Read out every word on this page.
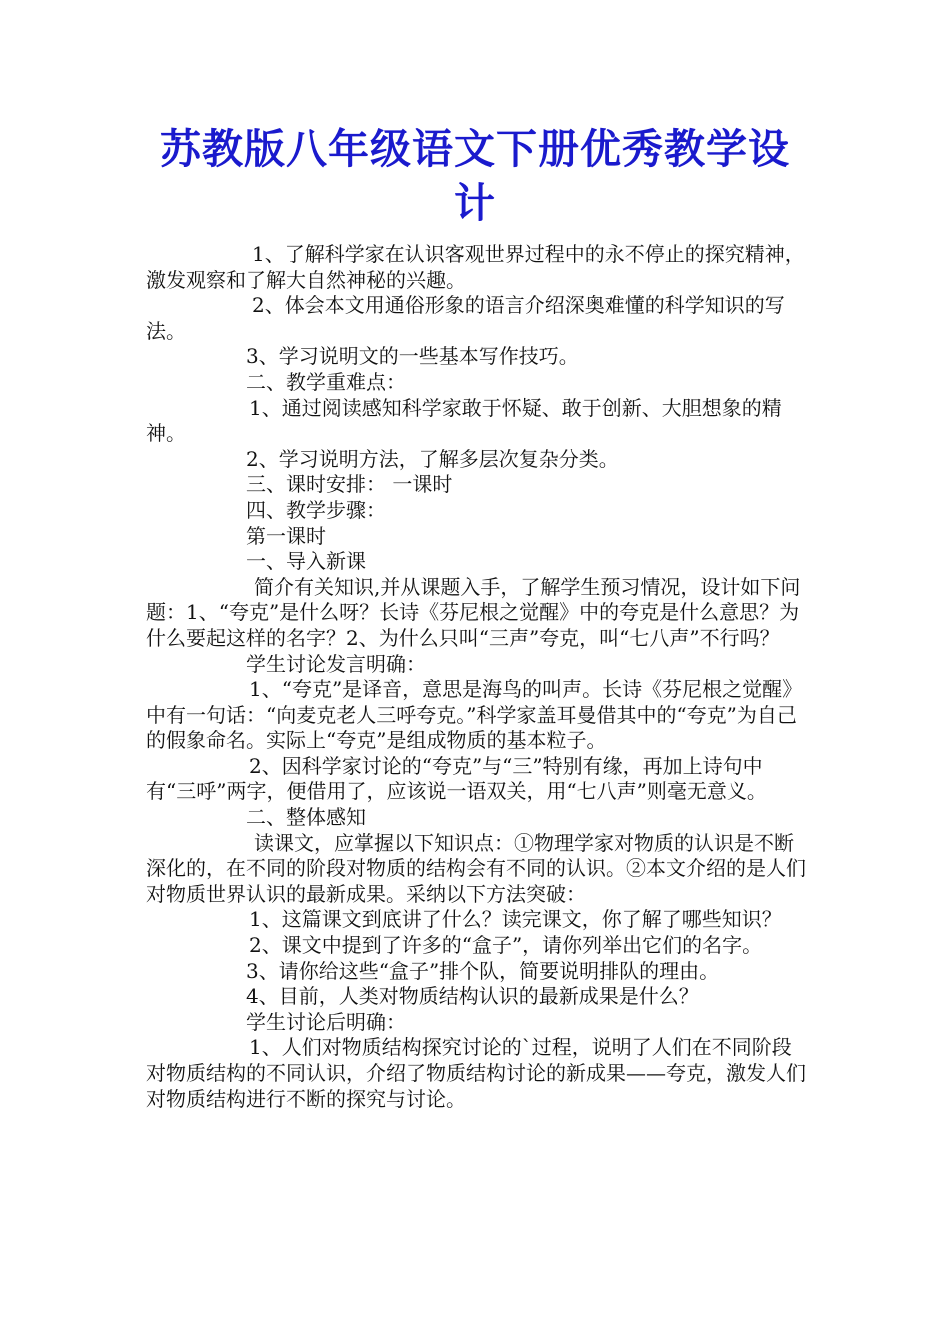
苏教版八年级语文下册优秀教学设计

1、了解科学家在认识客观世界过程中的永不停止的探究精神，激发观察和了解大自然神秘的兴趣。

2、体会本文用通俗形象的语言介绍深奥难懂的科学知识的写法。

3、学习说明文的一些基本写作技巧。

二、教学重难点：

1、通过阅读感知科学家敢于怀疑、敢于创新、大胆想象的精神。

2、学习说明方法，了解多层次复杂分类。

三、课时安排： 一课时

四、教学步骤：

第一课时

一、导入新课

简介有关知识,并从课题入手，了解学生预习情况，设计如下问题：1、“夸克”是什么呀？长诗《芬尼根之觉醒》中的夸克是什么意思？为什么要起这样的名字？2、为什么只叫“三声”夸克，叫“七八声”不行吗？

学生讨论发言明确：

1、“夸克”是译音，意思是海鸟的叫声。长诗《芬尼根之觉醒》中有一句话：“向麦克老人三呼夸克。”科学家盖耳曼借其中的“夸克”为自己的假象命名。实际上“夸克”是组成物质的基本粒子。

2、因科学家讨论的“夸克”与“三”特别有缘，再加上诗句中有“三呼”两字，便借用了，应该说一语双关，用“七八声”则毫无意义。

二、整体感知

读课文，应掌握以下知识点：①物理学家对物质的认识是不断深化的，在不同的阶段对物质的结构会有不同的认识。②本文介绍的是人们对物质世界认识的最新成果。采纳以下方法突破：

1、这篇课文到底讲了什么？读完课文，你了解了哪些知识？

2、课文中提到了许多的“盒子”，请你列举出它们的名字。

3、请你给这些“盒子”排个队，简要说明排队的理由。

4、目前，人类对物质结构认识的最新成果是什么？

学生讨论后明确：

1、人们对物质结构探究讨论的`过程，说明了人们在不同阶段对物质结构的不同认识，介绍了物质结构讨论的新成果——夸克，激发人们对物质结构进行不断的探究与讨论。
